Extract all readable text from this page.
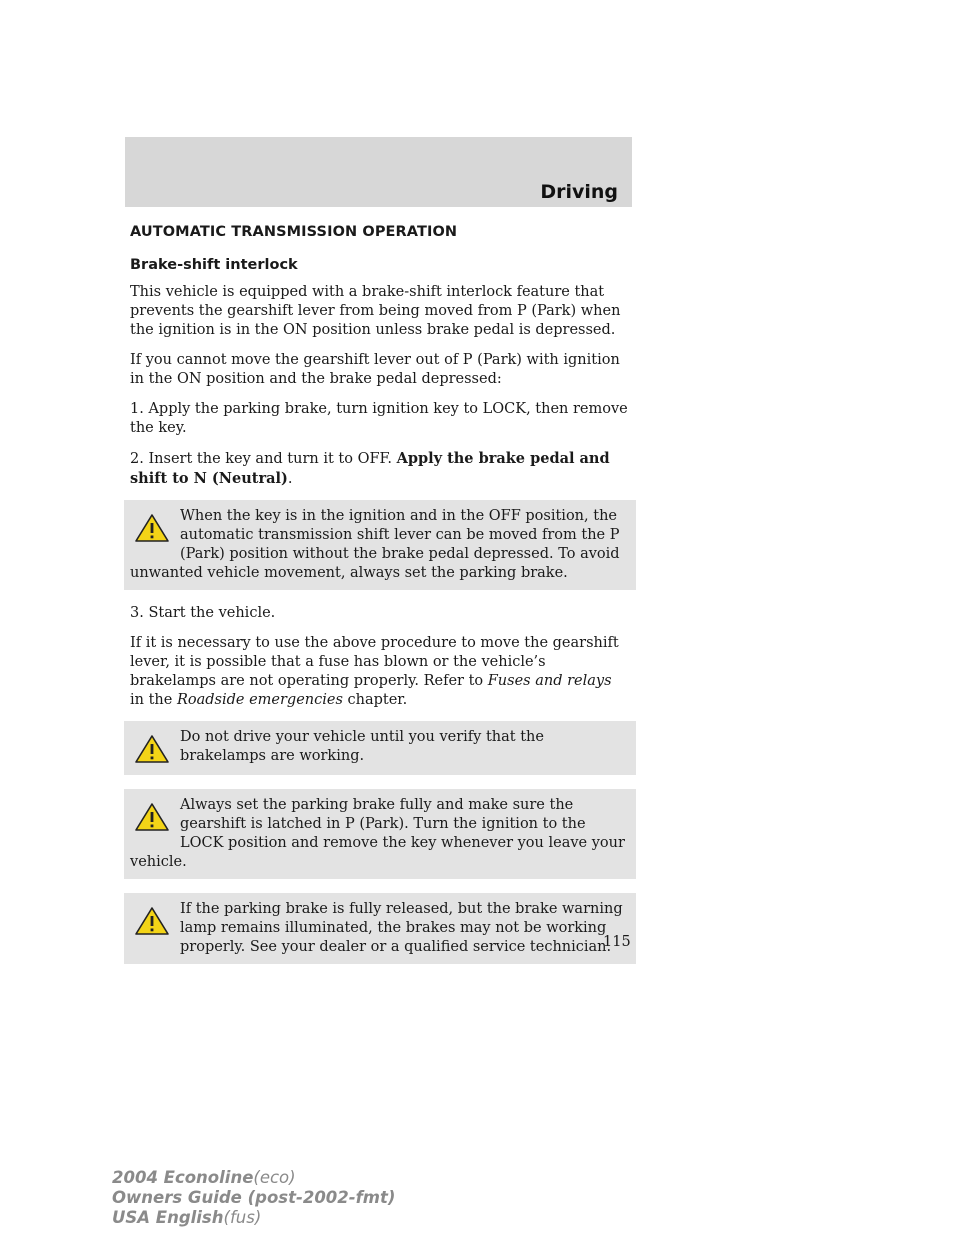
Driving
AUTOMATIC TRANSMISSION OPERATION
Brake-shift interlock

This vehicle is equipped with a brake-shift interlock feature that prevents the gearshift lever from being moved from P (Park) when the ignition is in the ON position unless brake pedal is depressed.

If you cannot move the gearshift lever out of P (Park) with ignition in the ON position and the brake pedal depressed:

1. Apply the parking brake, turn ignition key to LOCK, then remove the key.

2. Insert the key and turn it to OFF. Apply the brake pedal and shift to N (Neutral).

When the key is in the ignition and in the OFF position, the automatic transmission shift lever can be moved from the P (Park) position without the brake pedal depressed. To avoid unwanted vehicle movement, always set the parking brake.

3. Start the vehicle.

If it is necessary to use the above procedure to move the gearshift lever, it is possible that a fuse has blown or the vehicle’s brakelamps are not operating properly. Refer to Fuses and relays in the Roadside emergencies chapter.

Do not drive your vehicle until you verify that the brakelamps are working.

Always set the parking brake fully and make sure the gearshift is latched in P (Park). Turn the ignition to the LOCK position and remove the key whenever you leave your vehicle.

If the parking brake is fully released, but the brake warning lamp remains illuminated, the brakes may not be working properly. See your dealer or a qualified service technician.

115
2004 Econoline(eco)
Owners Guide (post-2002-fmt)
USA English(fus)
